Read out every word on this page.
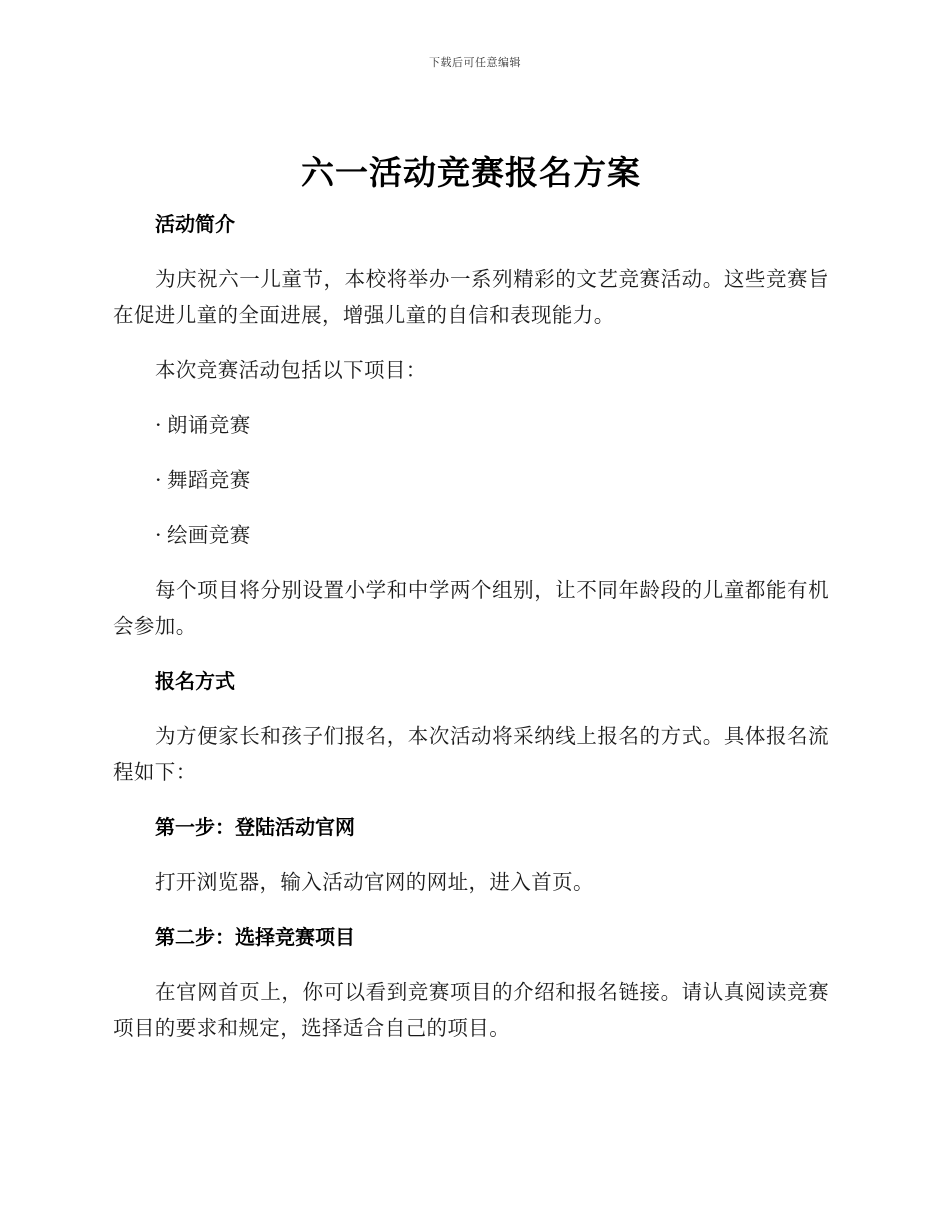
下载后可任意编辑
六一活动竞赛报名方案
活动简介

为庆祝六一儿童节，本校将举办一系列精彩的文艺竞赛活动。这些竞赛旨在促进儿童的全面进展，增强儿童的自信和表现能力。

本次竞赛活动包括以下项目：

· 朗诵竞赛
· 舞蹈竞赛
· 绘画竞赛

每个项目将分别设置小学和中学两个组别，让不同年龄段的儿童都能有机会参加。

报名方式

为方便家长和孩子们报名，本次活动将采纳线上报名的方式。具体报名流程如下：

第一步：登陆活动官网

打开浏览器，输入活动官网的网址，进入首页。

第二步：选择竞赛项目

在官网首页上，你可以看到竞赛项目的介绍和报名链接。请认真阅读竞赛项目的要求和规定，选择适合自己的项目。
